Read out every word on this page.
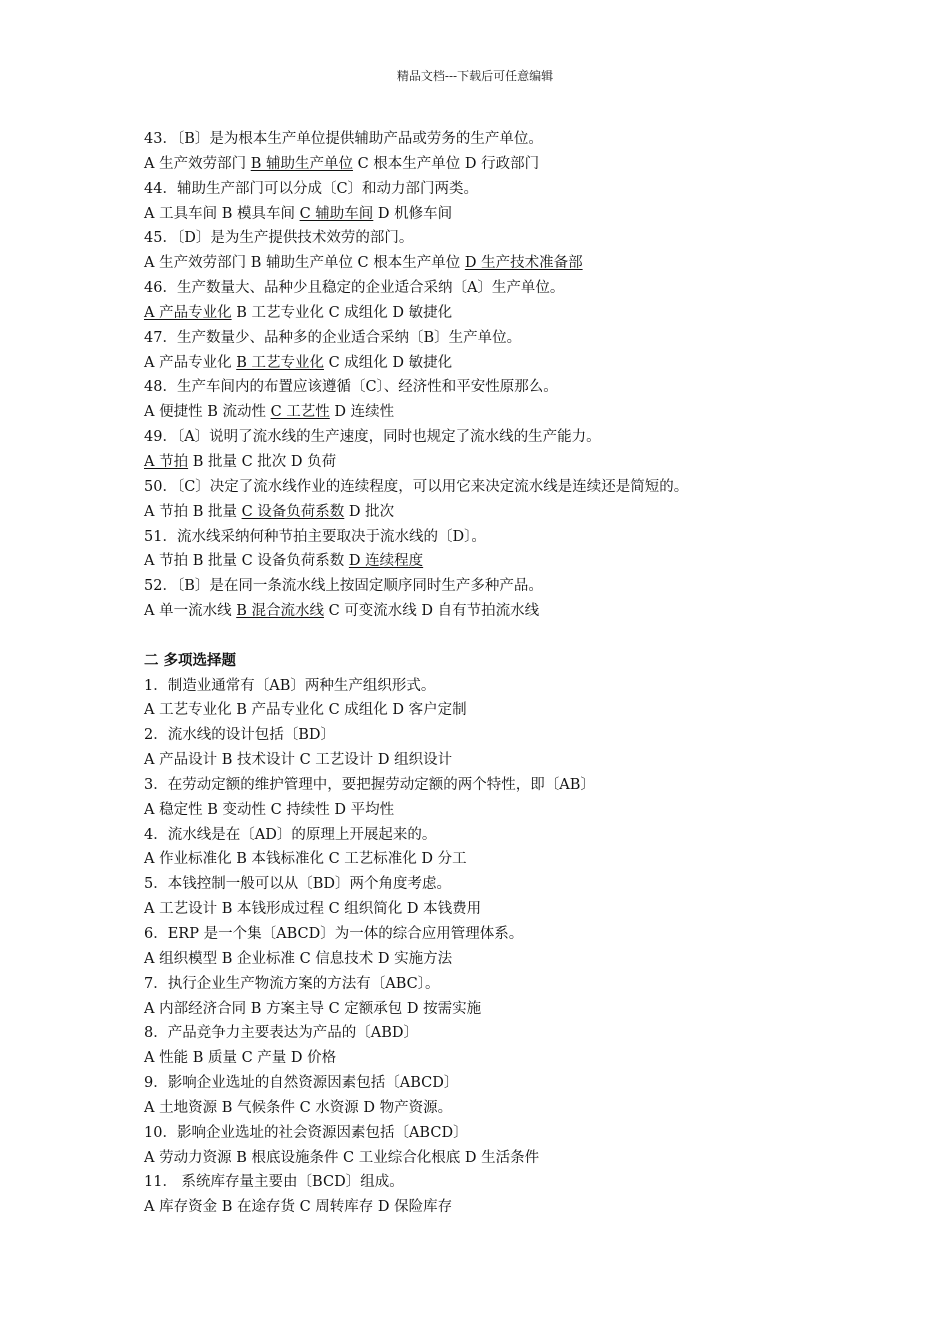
精品文档---下载后可任意编辑
43．〔B〕是为根本生产单位提供辅助产品或劳务的生产单位。
A 生产效劳部门 B 辅助生产单位 C 根本生产单位 D 行政部门
44．辅助生产部门可以分成〔C〕和动力部门两类。
A 工具车间 B 模具车间 C 辅助车间 D 机修车间
45．〔D〕是为生产提供技术效劳的部门。
A 生产效劳部门 B 辅助生产单位 C 根本生产单位 D 生产技术准备部
46．生产数量大、品种少且稳定的企业适合采纳〔A〕生产单位。
A 产品专业化 B 工艺专业化 C 成组化 D 敏捷化
47．生产数量少、品种多的企业适合采纳〔B〕生产单位。
A 产品专业化 B 工艺专业化 C 成组化 D 敏捷化
48．生产车间内的布置应该遵循〔C〕、经济性和平安性原那么。
A 便捷性 B 流动性 C 工艺性 D 连续性
49．〔A〕说明了流水线的生产速度，同时也规定了流水线的生产能力。
A 节拍 B 批量 C 批次 D 负荷
50．〔C〕决定了流水线作业的连续程度，可以用它来决定流水线是连续还是简短的。
A 节拍 B 批量 C 设备负荷系数 D 批次
51．流水线采纳何种节拍主要取决于流水线的〔D〕。
A 节拍 B 批量 C 设备负荷系数 D 连续程度
52．〔B〕是在同一条流水线上按固定顺序同时生产多种产品。
A 单一流水线 B 混合流水线 C 可变流水线 D 自有节拍流水线
二 多项选择题
1．制造业通常有〔AB〕两种生产组织形式。
A 工艺专业化 B 产品专业化 C 成组化 D 客户定制
2．流水线的设计包括〔BD〕
A 产品设计 B 技术设计 C 工艺设计 D 组织设计
3．在劳动定额的维护管理中，要把握劳动定额的两个特性，即〔AB〕
A 稳定性 B 变动性 C 持续性 D 平均性
4．流水线是在〔AD〕的原理上开展起来的。
A 作业标准化 B 本钱标准化 C 工艺标准化 D 分工
5．本钱控制一般可以从〔BD〕两个角度考虑。
A 工艺设计 B 本钱形成过程 C 组织简化 D 本钱费用
6．ERP 是一个集〔ABCD〕为一体的综合应用管理体系。
A 组织模型 B 企业标准 C 信息技术 D 实施方法
7．执行企业生产物流方案的方法有〔ABC〕。
A 内部经济合同 B 方案主导 C 定额承包 D 按需实施
8．产品竞争力主要表达为产品的〔ABD〕
A 性能 B 质量 C 产量 D 价格
9．影响企业选址的自然资源因素包括〔ABCD〕
A 土地资源 B 气候条件 C 水资源 D 物产资源。
10．影响企业选址的社会资源因素包括〔ABCD〕
A 劳动力资源 B 根底设施条件 C 工业综合化根底 D 生活条件
11． 系统库存量主要由〔BCD〕组成。
A 库存资金 B 在途存货 C 周转库存 D 保险库存
